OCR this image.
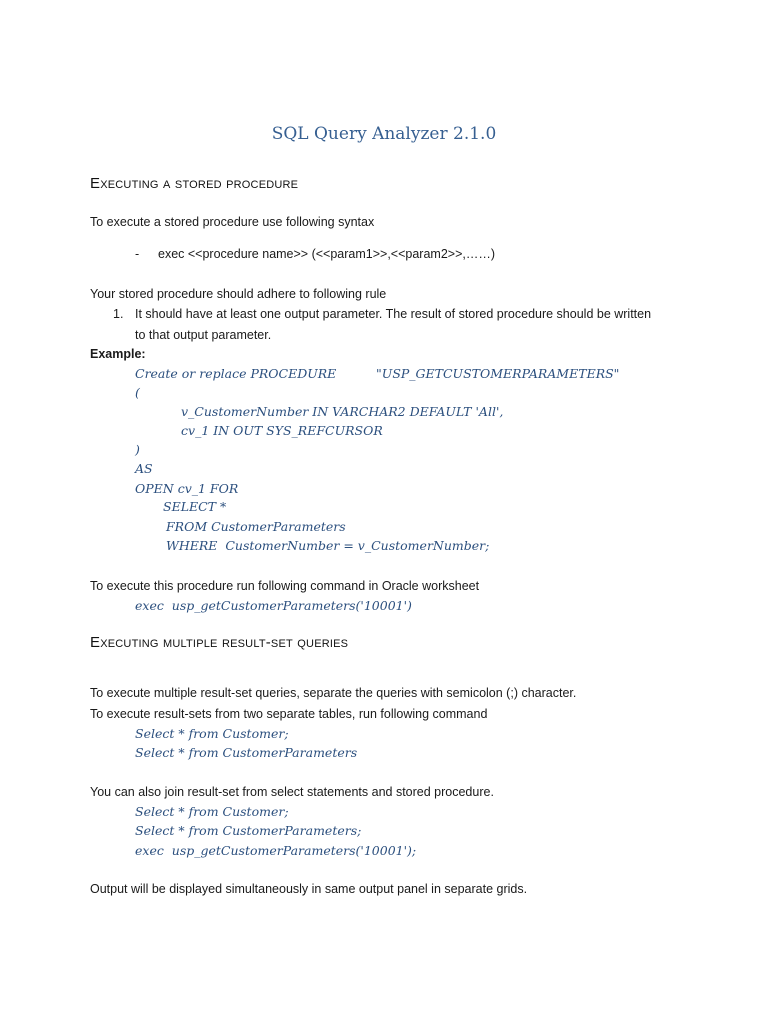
SQL Query Analyzer 2.1.0
Executing a stored procedure
To execute a stored procedure use following syntax
- exec <<procedure name>> (<<param1>>,<<param2>>,……)
Your stored procedure should adhere to following rule
1. It should have at least one output parameter. The result of stored procedure should be written
to that output parameter.
Example:
Create or replace PROCEDURE          "USP_GETCUSTOMERPARAMETERS"
(
v_CustomerNumber IN VARCHAR2 DEFAULT 'All',
cv_1 IN OUT SYS_REFCURSOR
)
AS
OPEN cv_1 FOR
SELECT *
FROM CustomerParameters
WHERE  CustomerNumber = v_CustomerNumber;
To execute this procedure run following command in Oracle worksheet
exec  usp_getCustomerParameters('10001')
Executing multiple result-set queries
To execute multiple result-set queries, separate the queries with semicolon (;) character.
To execute result-sets from two separate tables, run following command
Select * from Customer;
Select * from CustomerParameters
You can also join result-set from select statements and stored procedure.
Select * from Customer;
Select * from CustomerParameters;
exec  usp_getCustomerParameters('10001');
Output will be displayed simultaneously in same output panel in separate grids.
